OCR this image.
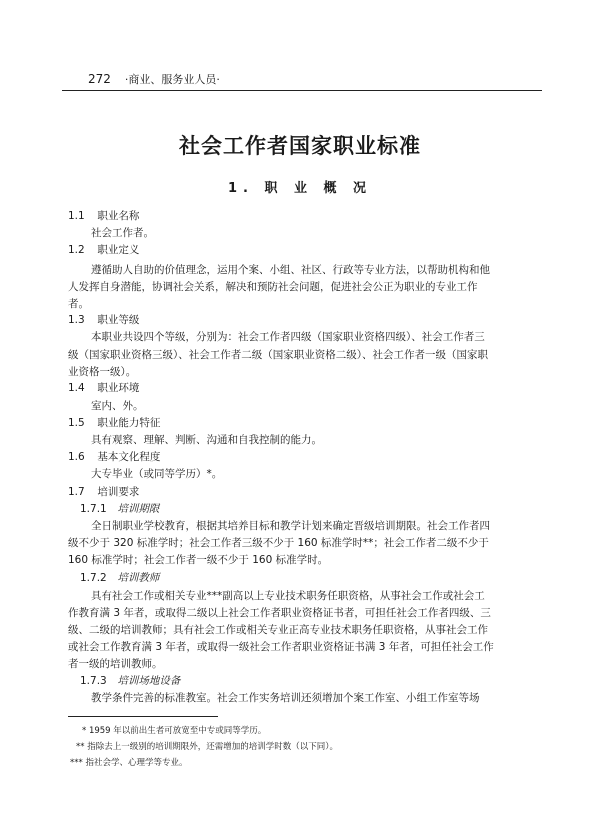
272 ·商业、服务业人员·
社会工作者国家职业标准
1. 职 业 概 况
1.1 职业名称
社会工作者。
1.2 职业定义
遵循助人自助的价值理念，运用个案、小组、社区、行政等专业方法，以帮助机构和他
人发挥自身潜能，协调社会关系，解决和预防社会问题，促进社会公正为职业的专业工作
者。
1.3 职业等级
本职业共设四个等级，分别为：社会工作者四级（国家职业资格四级）、社会工作者三
级（国家职业资格三级）、社会工作者二级（国家职业资格二级）、社会工作者一级（国家职
业资格一级）。
1.4 职业环境
室内、外。
1.5 职业能力特征
具有观察、理解、判断、沟通和自我控制的能力。
1.6 基本文化程度
大专毕业（或同等学历）*。
1.7 培训要求
1.7.1 培训期限
全日制职业学校教育，根据其培养目标和教学计划来确定晋级培训期限。社会工作者四
级不少于 320 标准学时；社会工作者三级不少于 160 标准学时**；社会工作者二级不少于
160 标准学时；社会工作者一级不少于 160 标准学时。
1.7.2 培训教师
具有社会工作或相关专业***副高以上专业技术职务任职资格，从事社会工作或社会工
作教育满 3 年者，或取得二级以上社会工作者职业资格证书者，可担任社会工作者四级、三
级、二级的培训教师；具有社会工作或相关专业正高专业技术职务任职资格，从事社会工作
或社会工作教育满 3 年者，或取得一级社会工作者职业资格证书满 3 年者，可担任社会工作
者一级的培训教师。
1.7.3 培训场地设备
教学条件完善的标准教室。社会工作实务培训还须增加个案工作室、小组工作室等场
* 1959 年以前出生者可放宽至中专或同等学历。
** 指除去上一级别的培训期限外，还需增加的培训学时数（以下同）。
*** 指社会学、心理学等专业。
